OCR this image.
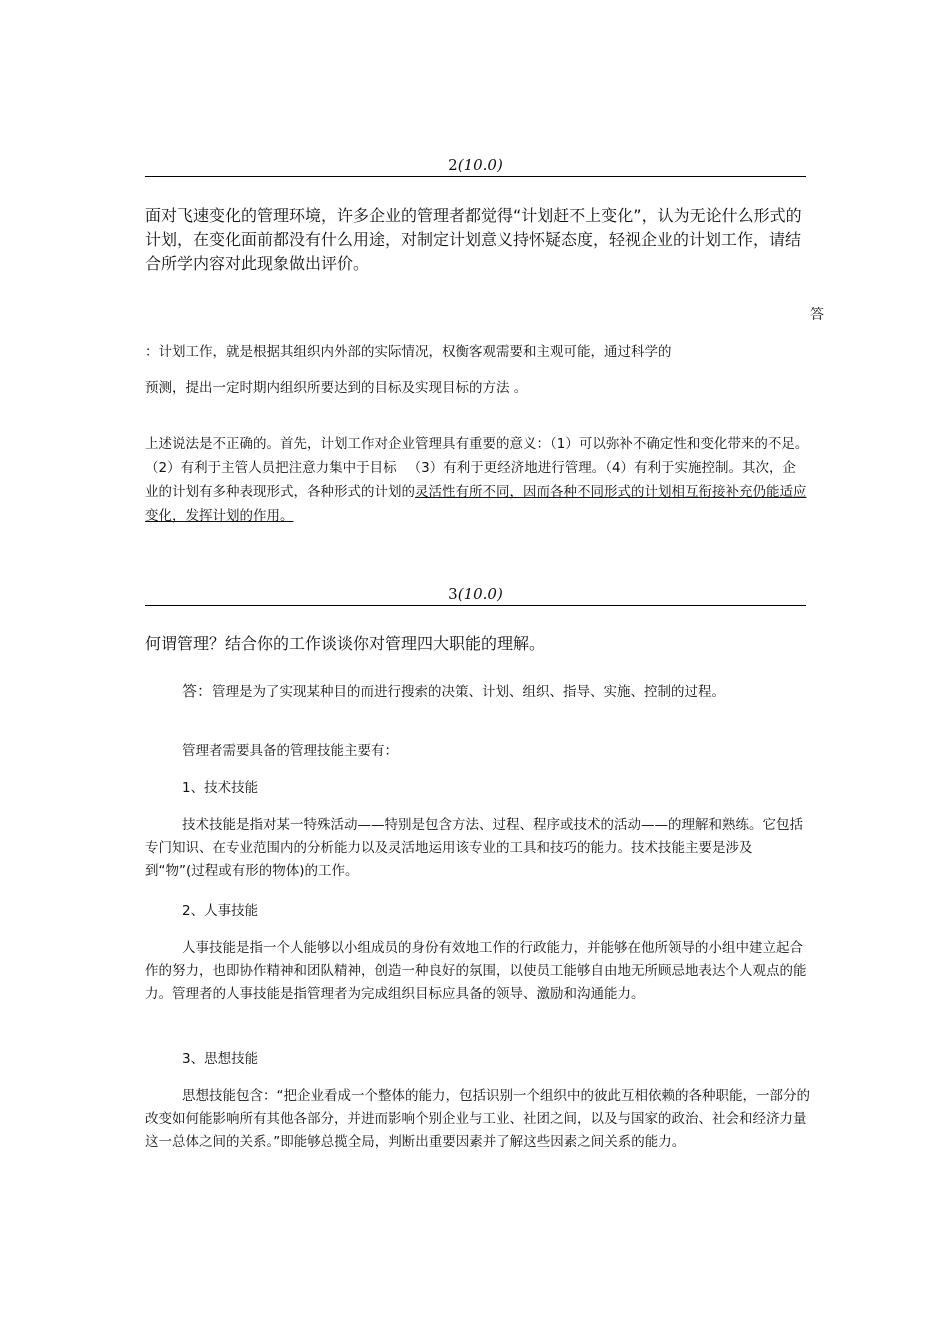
2(10.0)
面对飞速变化的管理环境，许多企业的管理者都觉得“计划赶不上变化”，认为无论什么形式的计划，在变化面前都没有什么用途，对制定计划意义持怀疑态度，轻视企业的计划工作，请结合所学内容对此现象做出评价。
答
：计划工作，就是根据其组织内外部的实际情况，权衡客观需要和主观可能，通过科学的
预测，提出一定时期内组织所要达到的目标及实现目标的方法 。
上述说法是不正确的。首先，计划工作对企业管理具有重要的意义：（1）可以弥补不确定性和变化带来的不足。（2）有利于主管人员把注意力集中于目标 　（3）有利于更经济地进行管理。（4）有利于实施控制。其次，企业的计划有多种表现形式，各种形式的计划的灵活性有所不同，因而各种不同形式的计划相互衔接补充仍能适应变化，发挥计划的作用。
3(10.0)
何谓管理？结合你的工作谈谈你对管理四大职能的理解。
答：管理是为了实现某种目的而进行搜索的决策、计划、组织、指导、实施、控制的过程。
管理者需要具备的管理技能主要有：
1、技术技能
技术技能是指对某一特殊活动——特别是包含方法、过程、程序或技术的活动——的理解和熟练。它包括专门知识、在专业范围内的分析能力以及灵活地运用该专业的工具和技巧的能力。技术技能主要是涉及到“物”(过程或有形的物体)的工作。
2、人事技能
人事技能是指一个人能够以小组成员的身份有效地工作的行政能力，并能够在他所领导的小组中建立起合作的努力，也即协作精神和团队精神，创造一种良好的氛围，以使员工能够自由地无所顾忌地表达个人观点的能力。管理者的人事技能是指管理者为完成组织目标应具备的领导、激励和沟通能力。
3、思想技能
思想技能包含：“把企业看成一个整体的能力，包括识别一个组织中的彼此互相依赖的各种职能，一部分的改变如何能影响所有其他各部分，并进而影响个别企业与工业、社团之间，以及与国家的政治、社会和经济力量这一总体之间的关系。”即能够总揽全局，判断出重要因素并了解这些因素之间关系的能力。
